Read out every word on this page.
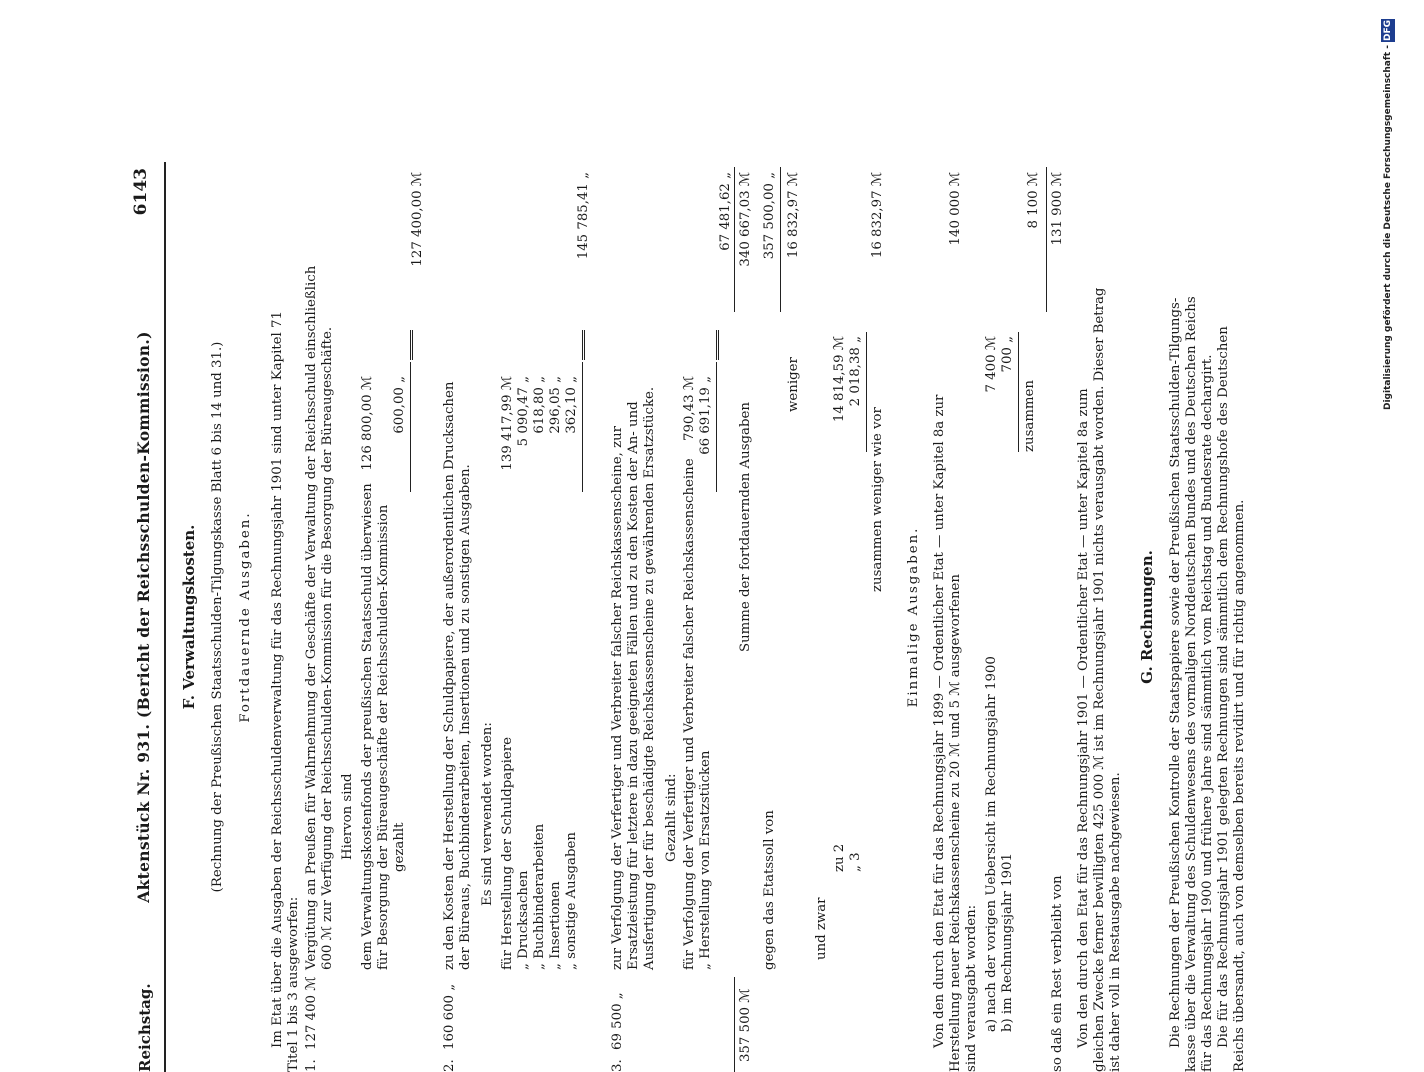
Reichstag.
Aktenstück Nr. 931. (Bericht der Reichsschulden-Kommission.)
6143
F. Verwaltungskosten. (Rechnung der Preußischen Staatsschulden-Tilgungskasse Blatt 6 bis 14 und 31.) Fortdauernde Ausgaben. Im Etat über die Ausgaben der Reichsschuldenverwaltung für das Rechnungsjahr 1901 sind unter Kapitel 71 Titel 1 bis 3 ausgeworfen: 1.
127 400 ℳ
Vergütung an Preußen für Wahrnehmung der Geschäfte der Verwaltung der Reichsschuld einschließlich 600 ℳ zur Verfügung der Reichsschulden-Kommission für die Besorgung der Büreaugeschäfte. Hiervon sind dem Verwaltungskostenfonds der preußischen Staatsschuld überwiesen
126 800,00 ℳ
für Besorgung der Büreaugeschäfte der Reichsschulden-Kommission gezahlt
600,00 „
127 400,00 ℳ
2.
160 600 „
zu den Kosten der Herstellung der Schuldpapiere, der außerordentlichen Drucksachen der Büreaus, Buchbinderarbeiten, Insertionen und zu sonstigen Ausgaben. Es sind verwendet worden: für Herstellung der Schuldpapiere
139 417,99 ℳ
„ Drucksachen
5 090,47 „
„ Buchbinderarbeiten
618,80 „
„ Insertionen
296,05 „
„ sonstige Ausgaben
362,10 „
145 785,41 „
3.
69 500 „
zur Verfolgung der Verfertiger und Verbreiter falscher Reichskassenscheine, zur Ersatzleistung für letztere in dazu geeigneten Fällen und zu den Kosten der An- und Ausfertigung der für beschädigte Reichskassenscheine zu gewährenden Ersatzstücke. Gezahlt sind: für Verfolgung der Verfertiger und Verbreiter falscher Reichskassenscheine
790,43 ℳ
„ Herstellung von Ersatzstücken
66 691,19 „
67 481,62 „
357 500 ℳ
Summe der fortdauernden Ausgaben
340 667,03 ℳ
gegen das Etatssoll von
357 500,00 „
weniger
16 832,97 ℳ
und zwar
zu 2
14 814,59 ℳ
„ 3
2 018,38 „
zusammen weniger wie vor
16 832,97 ℳ
Einmalige Ausgaben. Von den durch den Etat für das Rechnungsjahr 1899 — Ordentlicher Etat — unter Kapitel 8a zur Herstellung neuer Reichskassenscheine zu 20 ℳ und 5 ℳ ausgeworfenen
140 000 ℳ
sind verausgabt worden: a) nach der vorigen Uebersicht im Rechnungsjahr 1900
7 400 ℳ
b) im Rechnungsjahr 1901
700 „
zusammen
8 100 ℳ
so daß ein Rest verbleibt von
131 900 ℳ
Von den durch den Etat für das Rechnungsjahr 1901 — Ordentlicher Etat — unter Kapitel 8a zum gleichen Zwecke ferner bewilligten 425 000 ℳ ist im Rechnungsjahr 1901 nichts verausgabt worden. Dieser Betrag ist daher voll in Restausgabe nachgewiesen.
G. Rechnungen. Die Rechnungen der Preußischen Kontrolle der Staatspapiere sowie der Preußischen Staatsschulden-Tilgungs- kasse über die Verwaltung des Schuldenwesens des vormaligen Norddeutschen Bundes und des Deutschen Reichs für das Rechnungsjahr 1900 und frühere Jahre sind sämmtlich vom Reichstag und Bundesrate dechargirt. Die für das Rechnungsjahr 1901 gelegten Rechnungen sind sämmtlich dem Rechnungshofe des Deutschen Reichs übersandt, auch von demselben bereits revidirt und für richtig angenommen.
Digitalisierung gefördert durch die Deutsche Forschungsgemeinschaft - DFG
